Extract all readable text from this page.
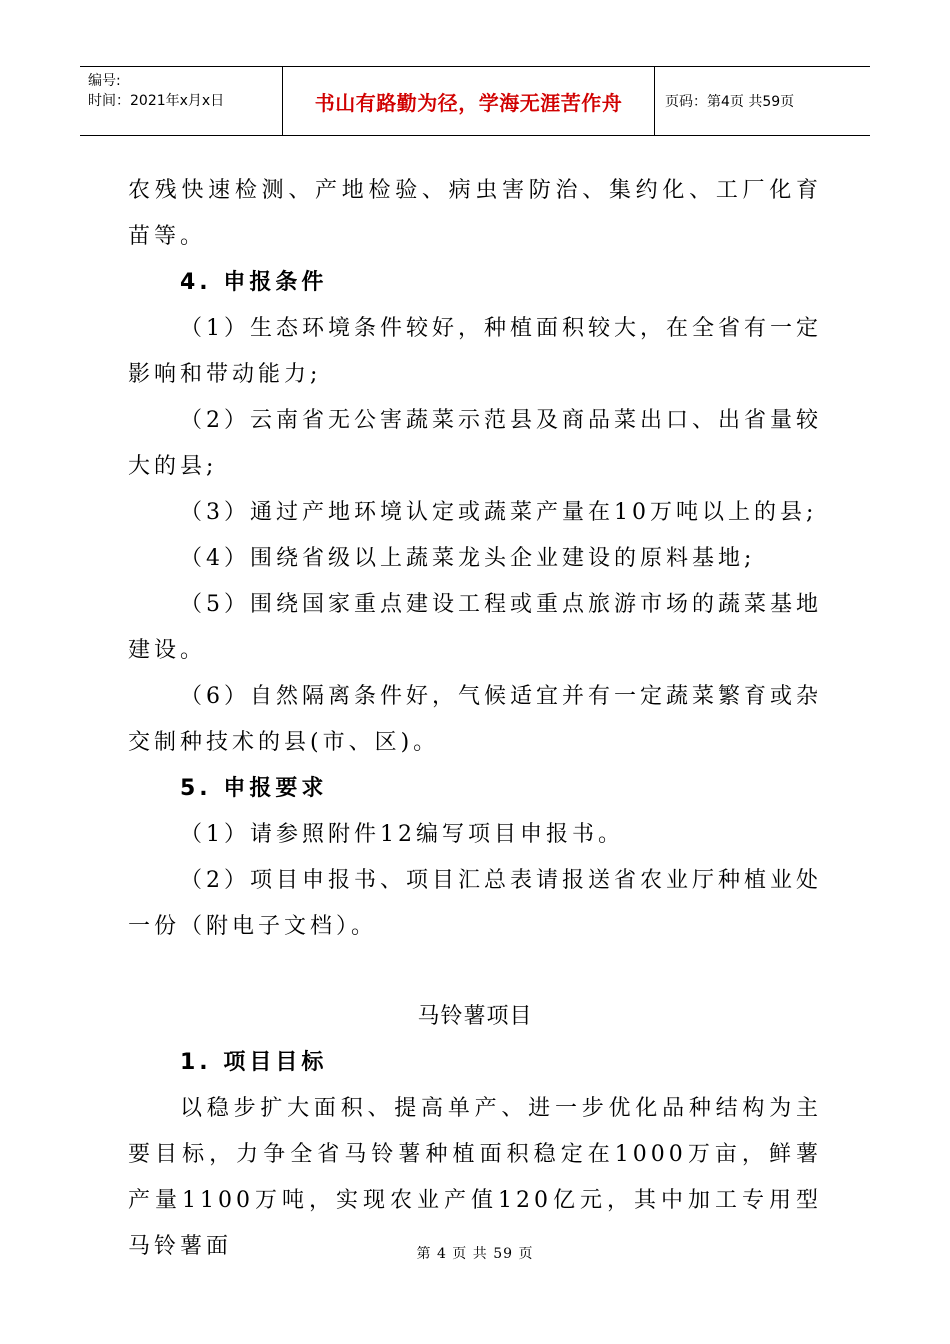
编号:
时间：2021年x月x日	书山有路勤为径，学海无涯苦作舟	页码：第4页 共59页

农残快速检测、产地检验、病虫害防治、集约化、工厂化育苗等。

4. 申报条件

（1）生态环境条件较好，种植面积较大，在全省有一定影响和带动能力;

（2）云南省无公害蔬菜示范县及商品菜出口、出省量较大的县;

（3）通过产地环境认定或蔬菜产量在10万吨以上的县;

（4）围绕省级以上蔬菜龙头企业建设的原料基地;

（5）围绕国家重点建设工程或重点旅游市场的蔬菜基地建设。

（6）自然隔离条件好，气候适宜并有一定蔬菜繁育或杂交制种技术的县(市、区)。

5. 申报要求

（1）请参照附件12编写项目申报书。

（2）项目申报书、项目汇总表请报送省农业厅种植业处一份（附电子文档）。

马铃薯项目

1. 项目目标

以稳步扩大面积、提高单产、进一步优化品种结构为主要目标，力争全省马铃薯种植面积稳定在1000万亩，鲜薯产量1100万吨，实现农业产值120亿元，其中加工专用型马铃薯面	第 4 页 共 59 页
